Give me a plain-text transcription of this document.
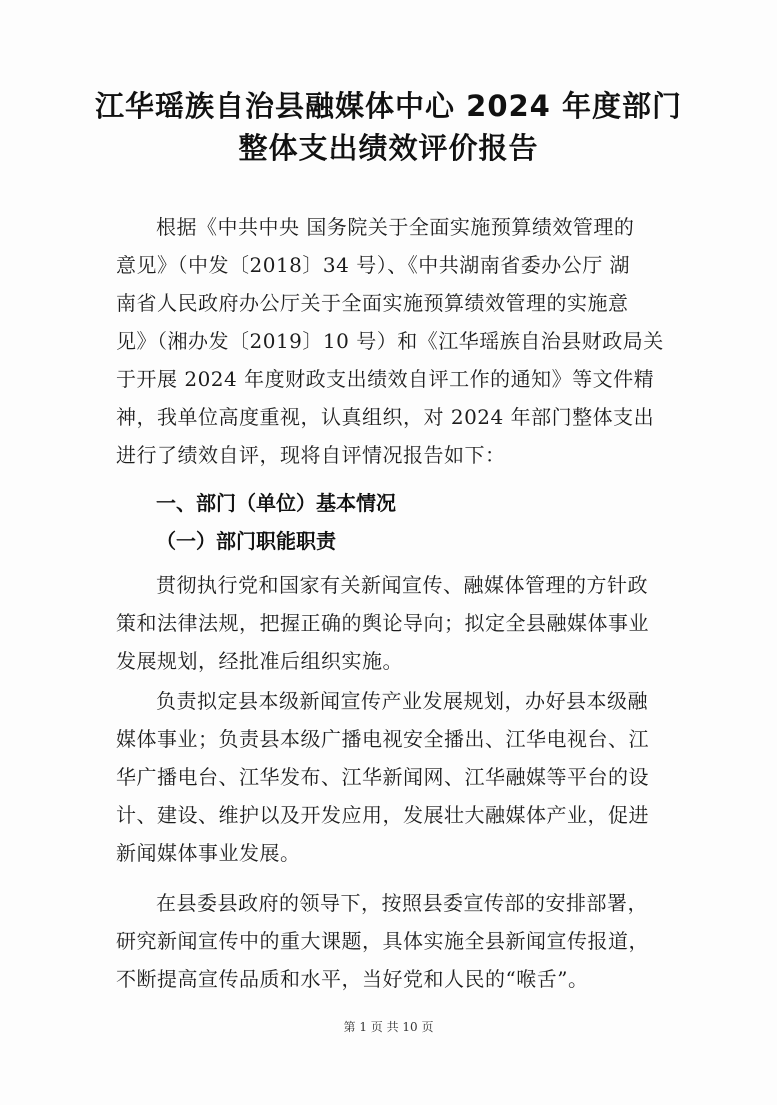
江华瑶族自治县融媒体中心 2024 年度部门
整体支出绩效评价报告
根据《中共中央 国务院关于全面实施预算绩效管理的
意见》（中发〔2018〕34 号）、《中共湖南省委办公厅 湖
南省人民政府办公厅关于全面实施预算绩效管理的实施意
见》（湘办发〔2019〕10 号）和《江华瑶族自治县财政局关
于开展 2024 年度财政支出绩效自评工作的通知》等文件精
神，我单位高度重视，认真组织，对 2024 年部门整体支出
进行了绩效自评，现将自评情况报告如下：
一、部门（单位）基本情况
（一）部门职能职责
贯彻执行党和国家有关新闻宣传、融媒体管理的方针政
策和法律法规，把握正确的舆论导向；拟定全县融媒体事业
发展规划，经批准后组织实施。
负责拟定县本级新闻宣传产业发展规划，办好县本级融
媒体事业；负责县本级广播电视安全播出、江华电视台、江
华广播电台、江华发布、江华新闻网、江华融媒等平台的设
计、建设、维护以及开发应用，发展壮大融媒体产业，促进
新闻媒体事业发展。
在县委县政府的领导下，按照县委宣传部的安排部署，
研究新闻宣传中的重大课题，具体实施全县新闻宣传报道，
不断提高宣传品质和水平，当好党和人民的“喉舌”。
第 1 页 共 10 页
